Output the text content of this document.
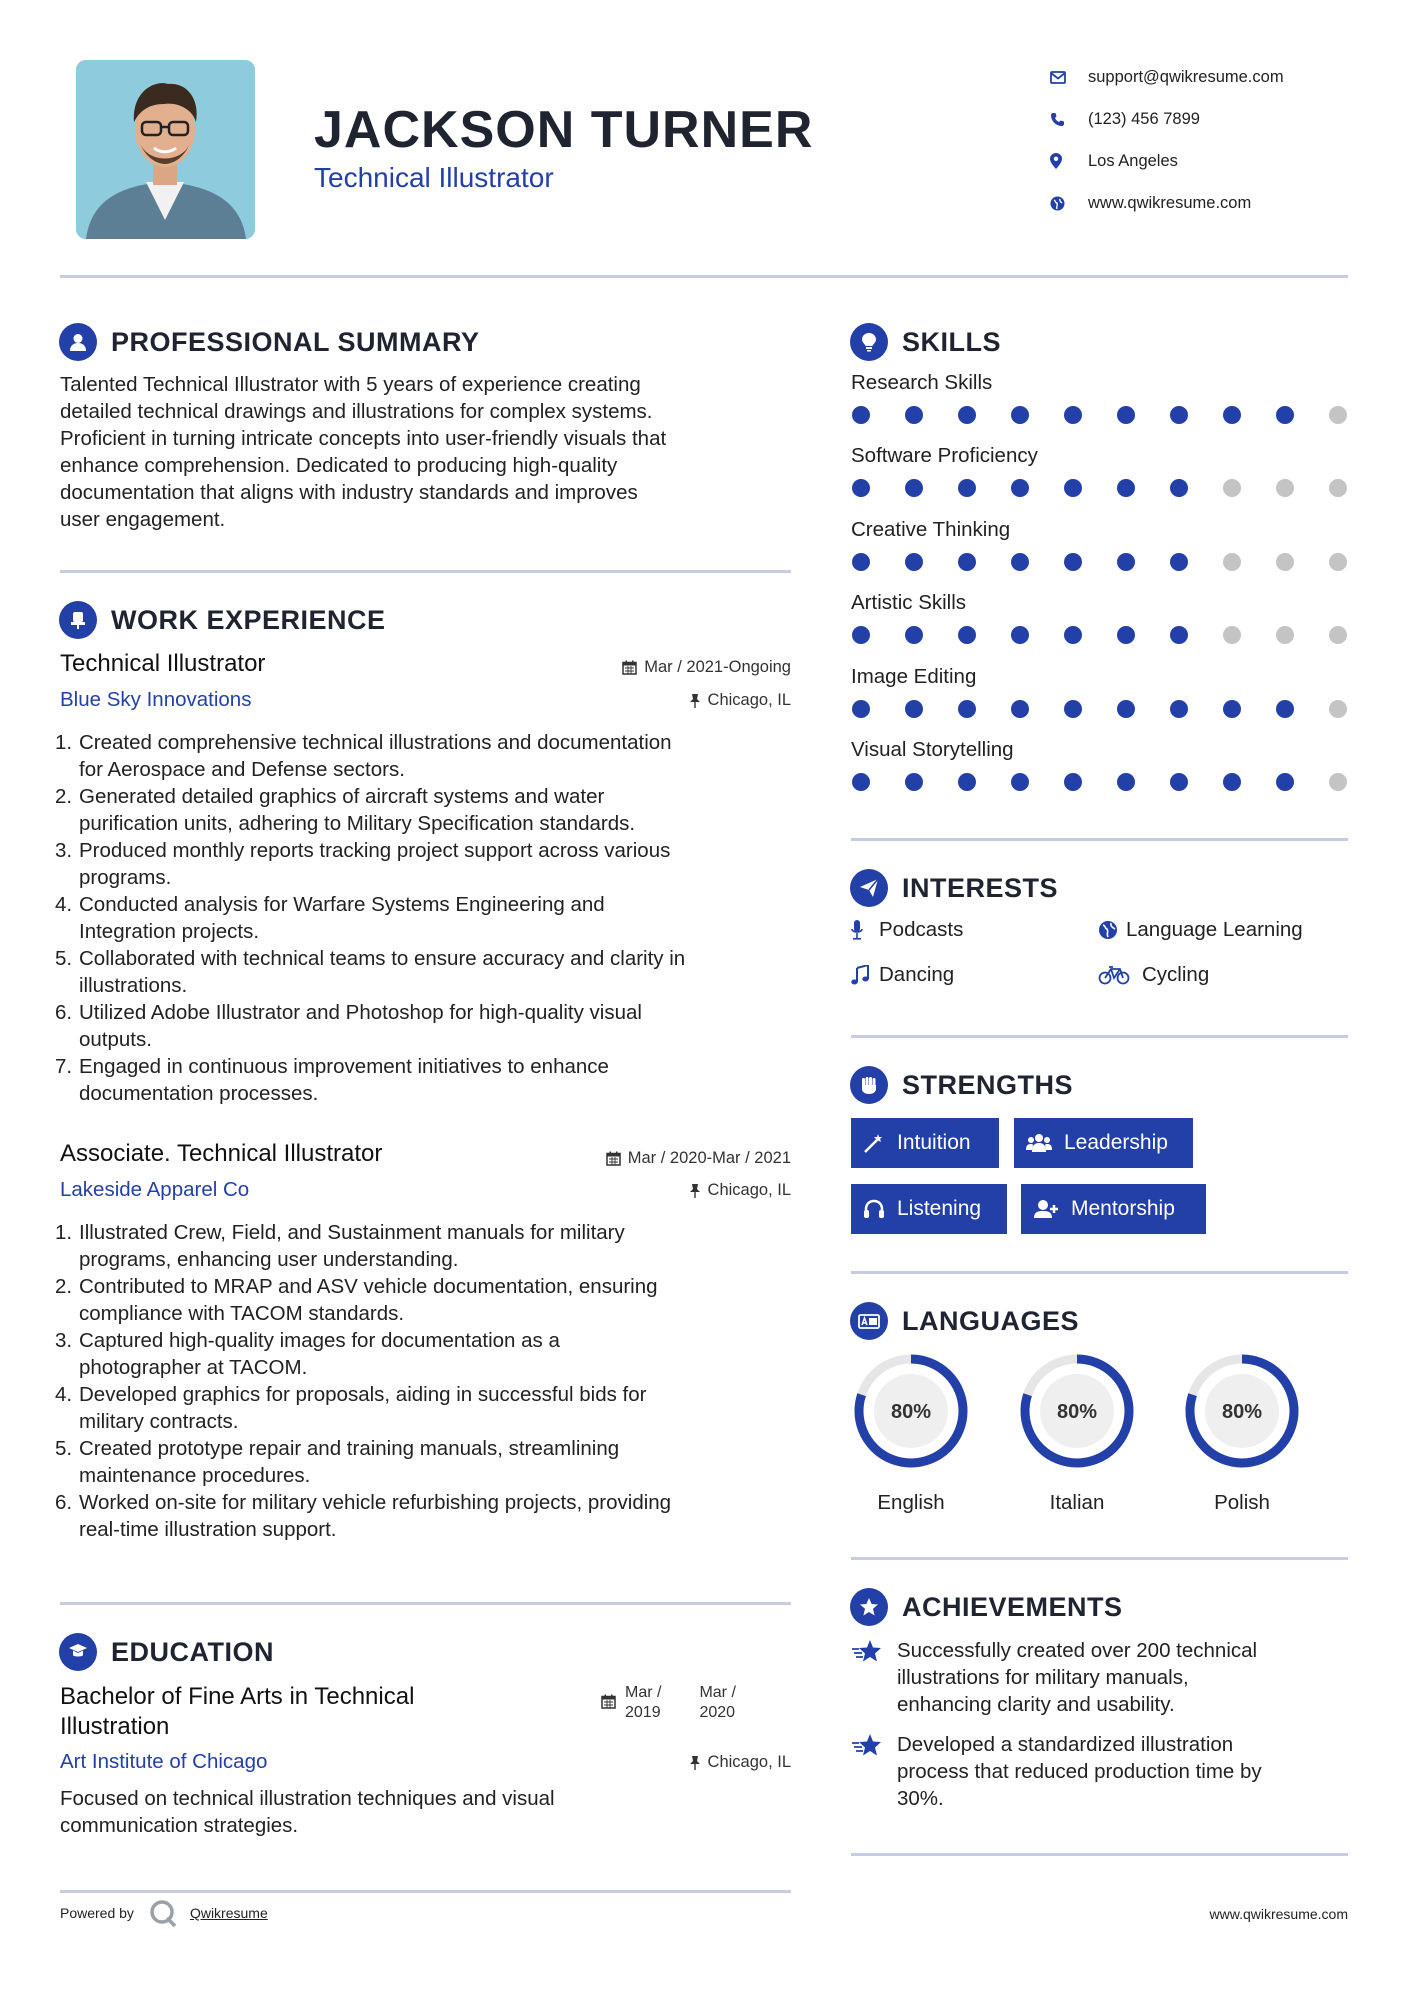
JACKSON TURNER
Technical Illustrator
support@qwikresume.com
(123) 456 7899
Los Angeles
www.qwikresume.com
PROFESSIONAL SUMMARY
Talented Technical Illustrator with 5 years of experience creating
detailed technical drawings and illustrations for complex systems.
Proficient in turning intricate concepts into user-friendly visuals that
enhance comprehension. Dedicated to producing high-quality
documentation that aligns with industry standards and improves
user engagement.
WORK EXPERIENCE
Technical Illustrator	Mar / 2021-Ongoing
Blue Sky Innovations	Chicago, IL
1. Created comprehensive technical illustrations and documentation
for Aerospace and Defense sectors.
2. Generated detailed graphics of aircraft systems and water
purification units, adhering to Military Specification standards.
3. Produced monthly reports tracking project support across various
programs.
4. Conducted analysis for Warfare Systems Engineering and
Integration projects.
5. Collaborated with technical teams to ensure accuracy and clarity in
illustrations.
6. Utilized Adobe Illustrator and Photoshop for high-quality visual
outputs.
7. Engaged in continuous improvement initiatives to enhance
documentation processes.
Associate. Technical Illustrator	Mar / 2020-Mar / 2021
Lakeside Apparel Co	Chicago, IL
1. Illustrated Crew, Field, and Sustainment manuals for military
programs, enhancing user understanding.
2. Contributed to MRAP and ASV vehicle documentation, ensuring
compliance with TACOM standards.
3. Captured high-quality images for documentation as a
photographer at TACOM.
4. Developed graphics for proposals, aiding in successful bids for
military contracts.
5. Created prototype repair and training manuals, streamlining
maintenance procedures.
6. Worked on-site for military vehicle refurbishing projects, providing
real-time illustration support.
EDUCATION
Bachelor of Fine Arts in Technical
Illustration
Mar /
2019
Mar /
2020
Art Institute of Chicago	Chicago, IL
Focused on technical illustration techniques and visual
communication strategies.
SKILLS
Research Skills
Software Proficiency
Creative Thinking
Artistic Skills
Image Editing
Visual Storytelling
INTERESTS
Podcasts	Language Learning
Dancing	Cycling
STRENGTHS
Intuition	Leadership
Listening	Mentorship
LANGUAGES
80%
English
80%
Italian
80%
Polish
ACHIEVEMENTS
Successfully created over 200 technical
illustrations for military manuals,
enhancing clarity and usability.
Developed a standardized illustration
process that reduced production time by
30%.
Powered by	Qwikresume	www.qwikresume.com
